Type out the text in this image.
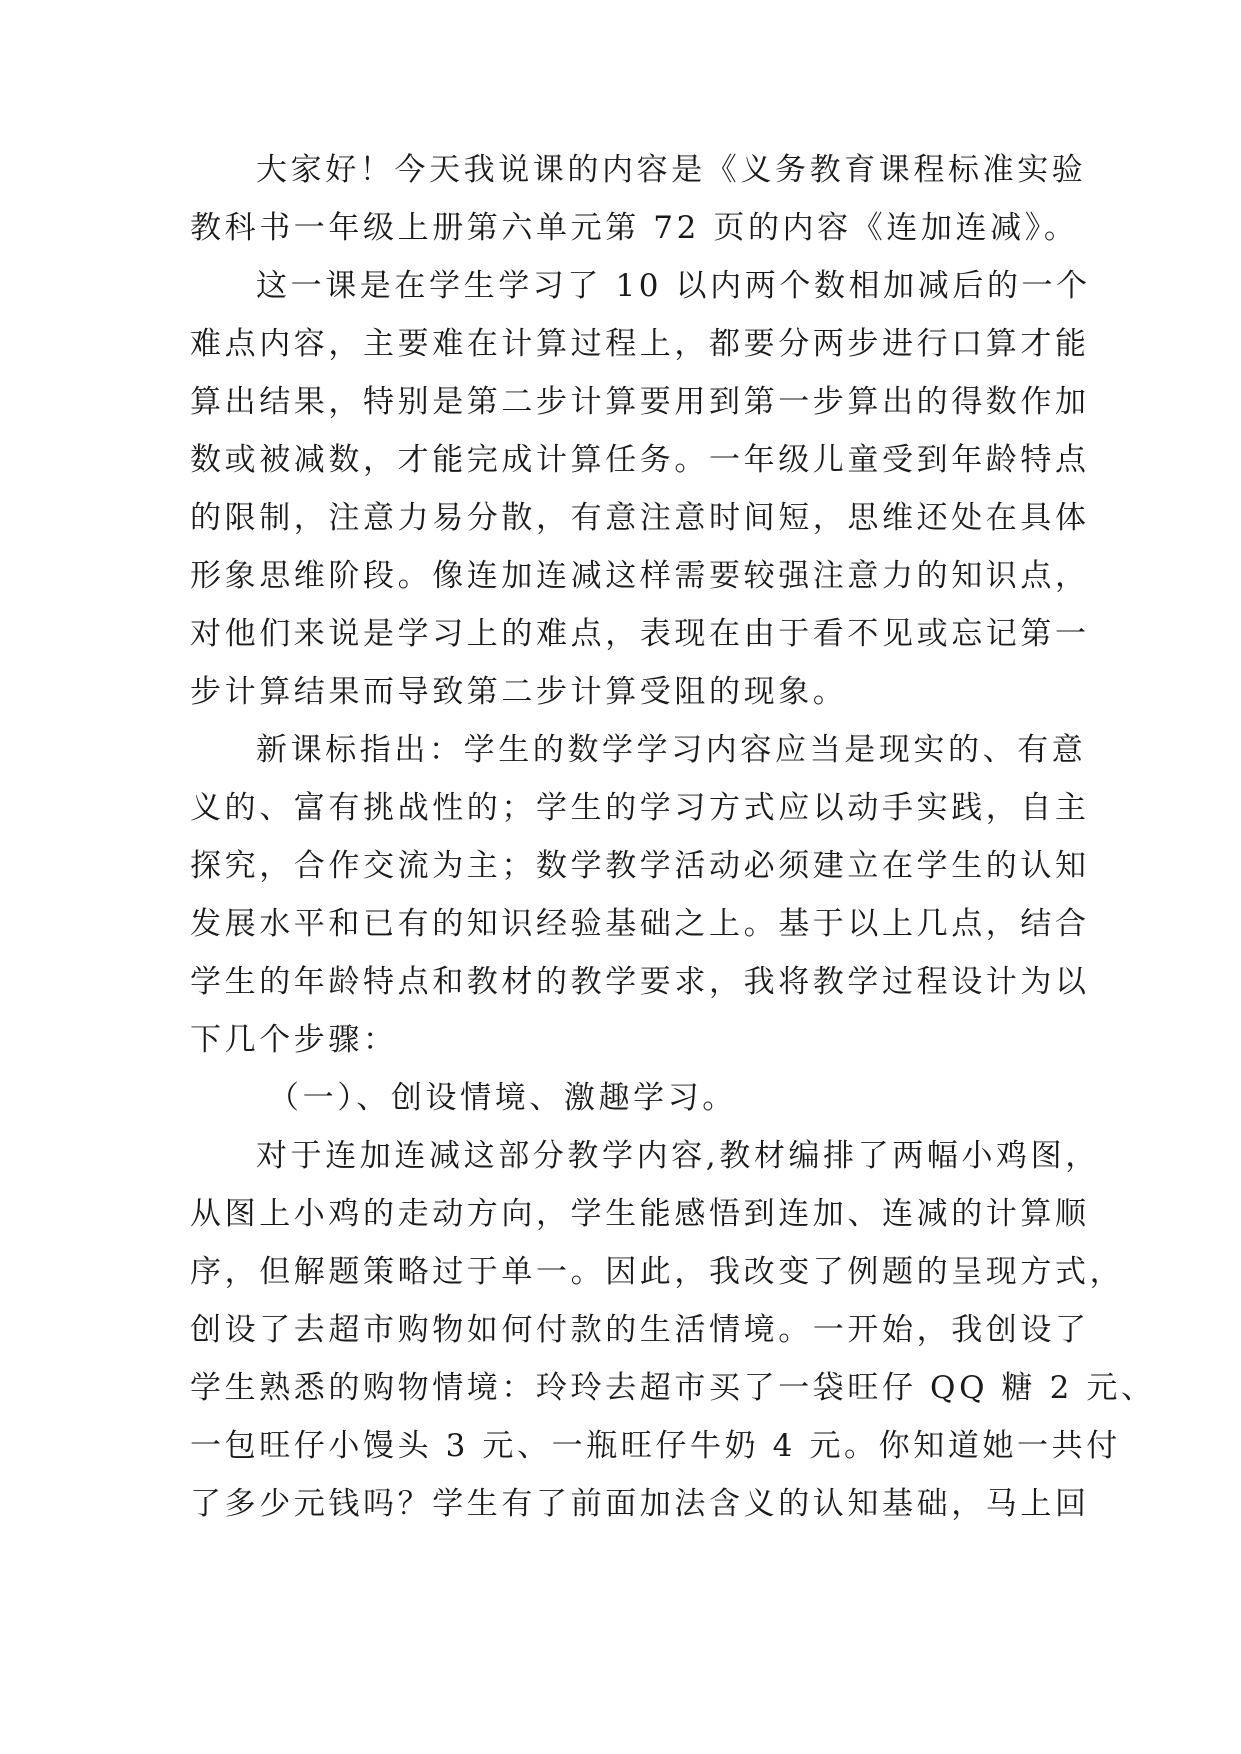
大家好！今天我说课的内容是《义务教育课程标准实验
教科书一年级上册第六单元第 72 页的内容《连加连减》。
这一课是在学生学习了 10 以内两个数相加减后的一个
难点内容，主要难在计算过程上，都要分两步进行口算才能
算出结果，特别是第二步计算要用到第一步算出的得数作加
数或被减数，才能完成计算任务。一年级儿童受到年龄特点
的限制，注意力易分散，有意注意时间短，思维还处在具体
形象思维阶段。像连加连减这样需要较强注意力的知识点，
对他们来说是学习上的难点，表现在由于看不见或忘记第一
步计算结果而导致第二步计算受阻的现象。
新课标指出：学生的数学学习内容应当是现实的、有意
义的、富有挑战性的；学生的学习方式应以动手实践，自主
探究，合作交流为主；数学教学活动必须建立在学生的认知
发展水平和已有的知识经验基础之上。基于以上几点，结合
学生的年龄特点和教材的教学要求，我将教学过程设计为以
下几个步骤：
（一）、创设情境、激趣学习。
对于连加连减这部分教学内容,教材编排了两幅小鸡图，
从图上小鸡的走动方向，学生能感悟到连加、连减的计算顺
序，但解题策略过于单一。因此，我改变了例题的呈现方式，
创设了去超市购物如何付款的生活情境。一开始，我创设了
学生熟悉的购物情境：玲玲去超市买了一袋旺仔 QQ 糖 2 元、
一包旺仔小馒头 3 元、一瓶旺仔牛奶 4 元。你知道她一共付
了多少元钱吗？学生有了前面加法含义的认知基础，马上回
